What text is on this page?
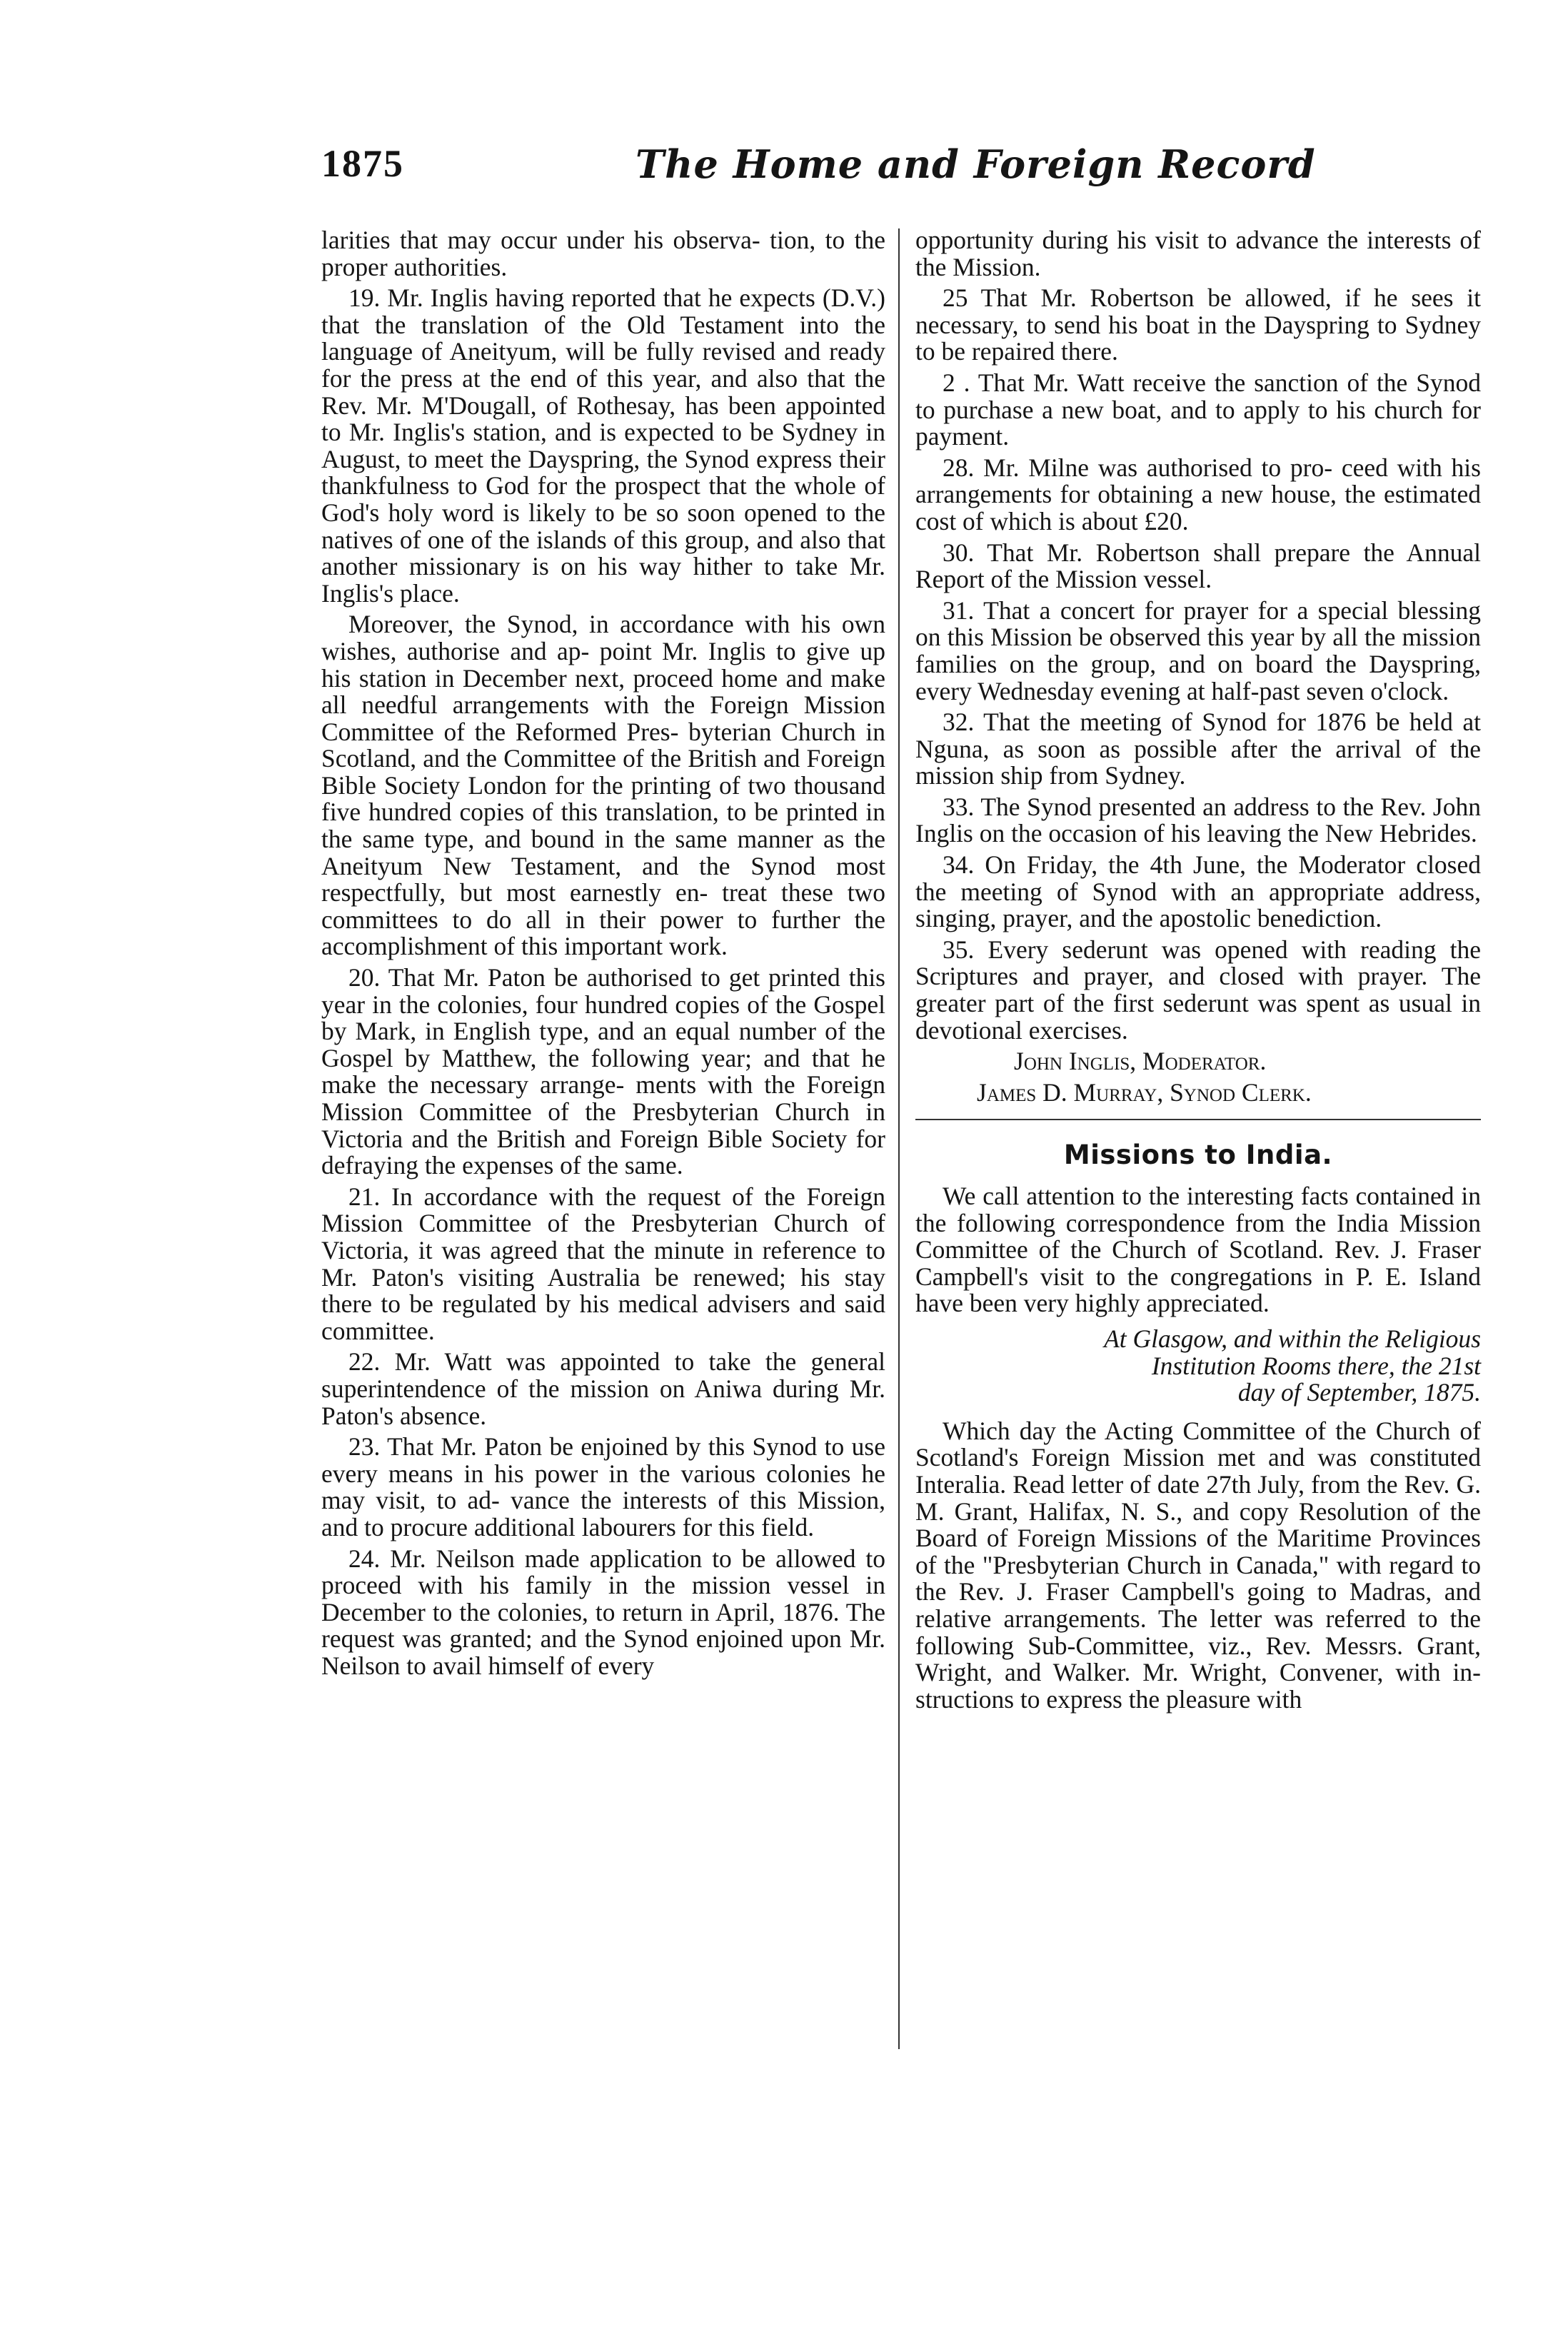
1875	The Home and Foreign Record

larities that may occur under his observa- tion, to the proper authorities.

19. Mr. Inglis having reported that he expects (D.V.) that the translation of the Old Testament into the language of Aneityum, will be fully revised and ready for the press at the end of this year, and also that the Rev. Mr. M'Dougall, of Rothesay, has been appointed to Mr. Inglis's station, and is expected to be Sydney in August, to meet the Dayspring, the Synod express their thankfulness to God for the prospect that the whole of God's holy word is likely to be so soon opened to the natives of one of the islands of this group, and also that another missionary is on his way hither to take Mr. Inglis's place.

Moreover, the Synod, in accordance with his own wishes, authorise and ap- point Mr. Inglis to give up his station in December next, proceed home and make all needful arrangements with the Foreign Mission Committee of the Reformed Pres- byterian Church in Scotland, and the Committee of the British and Foreign Bible Society London for the printing of two thousand five hundred copies of this translation, to be printed in the same type, and bound in the same manner as the Aneityum New Testament, and the Synod most respectfully, but most earnestly en- treat these two committees to do all in their power to further the accomplishment of this important work.

20. That Mr. Paton be authorised to get printed this year in the colonies, four hundred copies of the Gospel by Mark, in English type, and an equal number of the Gospel by Matthew, the following year; and that he make the necessary arrange- ments with the Foreign Mission Committee of the Presbyterian Church in Victoria and the British and Foreign Bible Society for defraying the expenses of the same.

21. In accordance with the request of the Foreign Mission Committee of the Presbyterian Church of Victoria, it was agreed that the minute in reference to Mr. Paton's visiting Australia be renewed; his stay there to be regulated by his medical advisers and said committee.

22. Mr. Watt was appointed to take the general superintendence of the mission on Aniwa during Mr. Paton's absence.

23. That Mr. Paton be enjoined by this Synod to use every means in his power in the various colonies he may visit, to ad- vance the interests of this Mission, and to procure additional labourers for this field.

24. Mr. Neilson made application to be allowed to proceed with his family in the mission vessel in December to the colonies, to return in April, 1876. The request was granted; and the Synod enjoined upon Mr. Neilson to avail himself of every

opportunity during his visit to advance the interests of the Mission.

25 That Mr. Robertson be allowed, if he sees it necessary, to send his boat in the Dayspring to Sydney to be repaired there.

2 . That Mr. Watt receive the sanction of the Synod to purchase a new boat, and to apply to his church for payment.

28. Mr. Milne was authorised to pro- ceed with his arrangements for obtaining a new house, the estimated cost of which is about £20.

30. That Mr. Robertson shall prepare the Annual Report of the Mission vessel.

31. That a concert for prayer for a special blessing on this Mission be observed this year by all the mission families on the group, and on board the Dayspring, every Wednesday evening at half-past seven o'clock.

32. That the meeting of Synod for 1876 be held at Nguna, as soon as possible after the arrival of the mission ship from Sydney.

33. The Synod presented an address to the Rev. John Inglis on the occasion of his leaving the New Hebrides.

34. On Friday, the 4th June, the Moderator closed the meeting of Synod with an appropriate address, singing, prayer, and the apostolic benediction.

35. Every sederunt was opened with reading the Scriptures and prayer, and closed with prayer. The greater part of the first sederunt was spent as usual in devotional exercises.

John Inglis, Moderator.

James D. Murray, Synod Clerk.

Missions to India.

We call attention to the interesting facts contained in the following correspondence from the India Mission Committee of the Church of Scotland. Rev. J. Fraser Campbell's visit to the congregations in P. E. Island have been very highly appreciated.

At Glasgow, and within the Religious
Institution Rooms there, the 21st
day of September, 1875.

Which day the Acting Committee of the Church of Scotland's Foreign Mission met and was constituted Interalia. Read letter of date 27th July, from the Rev. G. M. Grant, Halifax, N. S., and copy Resolution of the Board of Foreign Missions of the Maritime Provinces of the "Presbyterian Church in Canada," with regard to the Rev. J. Fraser Campbell's going to Madras, and relative arrangements. The letter was referred to the following Sub-Committee, viz., Rev. Messrs. Grant, Wright, and Walker. Mr. Wright, Convener, with in- structions to express the pleasure with
